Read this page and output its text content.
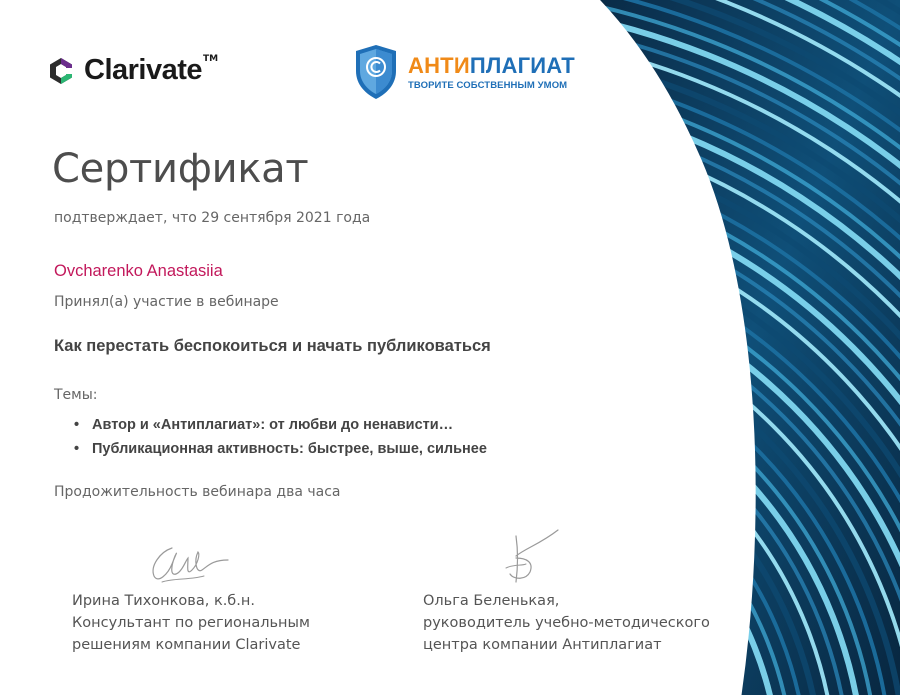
Clarivate TM	АНТИПЛАГИАТ
ТВОРИТЕ СОБСТВЕННЫМ УМОМ
Сертификат
подтверждает, что 29 сентября 2021 года
Ovcharenko Anastasiia
Принял(а) участие в вебинаре
Как перестать беспокоиться и начать публиковаться
Темы:
• Автор и «Антиплагиат»: от любви до ненависти…
• Публикационная активность: быстрее, выше, сильнее
Продожительность вебинара два часа
Ирина Тихонкова, к.б.н.
Консультант по региональным
решениям компании Clarivate
Ольга Беленькая,
руководитель учебно-методического
центра компании Антиплагиат
